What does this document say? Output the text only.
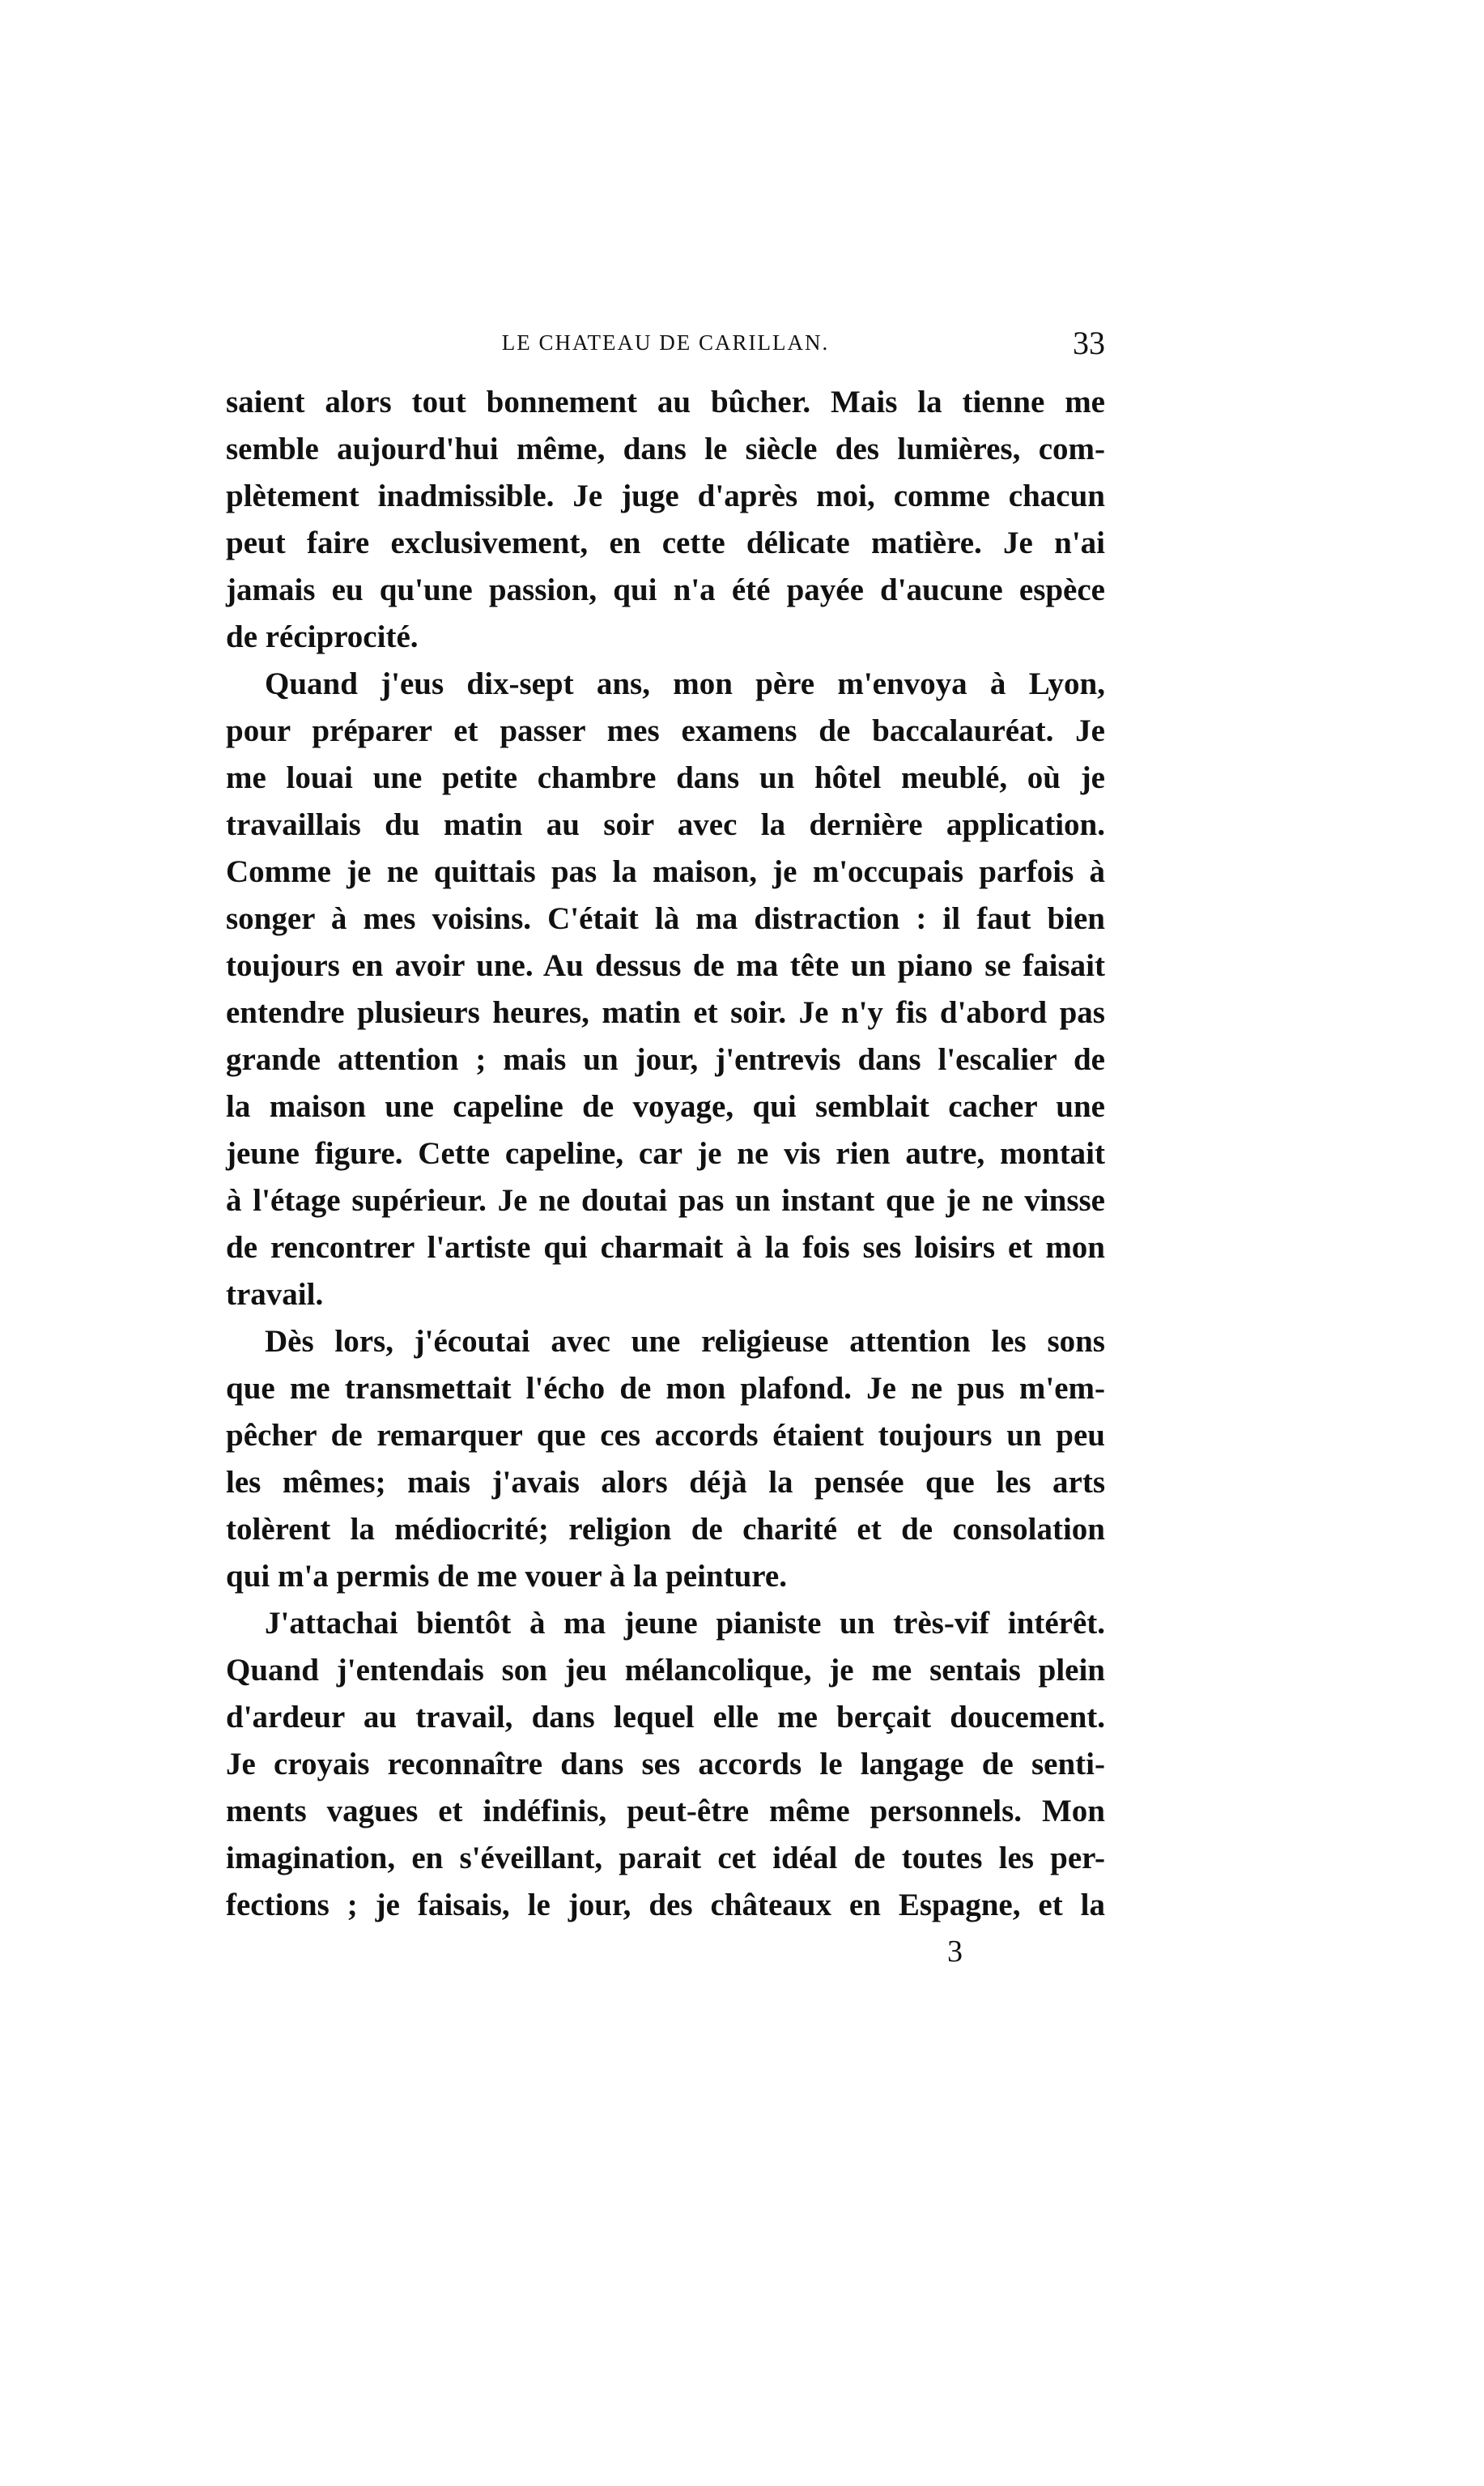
LE CHATEAU DE CARILLAN.	33
saient alors tout bonnement au bûcher. Mais la tienne me
semble aujourd'hui même, dans le siècle des lumières, com-
plètement inadmissible. Je juge d'après moi, comme chacun
peut faire exclusivement, en cette délicate matière. Je n'ai
jamais eu qu'une passion, qui n'a été payée d'aucune espèce
de réciprocité.
Quand j'eus dix-sept ans, mon père m'envoya à Lyon,
pour préparer et passer mes examens de baccalauréat. Je
me louai une petite chambre dans un hôtel meublé, où je
travaillais du matin au soir avec la dernière application.
Comme je ne quittais pas la maison, je m'occupais parfois à
songer à mes voisins. C'était là ma distraction : il faut bien
toujours en avoir une. Au dessus de ma tête un piano se faisait
entendre plusieurs heures, matin et soir. Je n'y fis d'abord pas
grande attention ; mais un jour, j'entrevis dans l'escalier de
la maison une capeline de voyage, qui semblait cacher une
jeune figure. Cette capeline, car je ne vis rien autre, montait
à l'étage supérieur. Je ne doutai pas un instant que je ne vinsse
de rencontrer l'artiste qui charmait à la fois ses loisirs et mon
travail.
Dès lors, j'écoutai avec une religieuse attention les sons
que me transmettait l'écho de mon plafond. Je ne pus m'em-
pêcher de remarquer que ces accords étaient toujours un peu
les mêmes; mais j'avais alors déjà la pensée que les arts
tolèrent la médiocrité; religion de charité et de consolation
qui m'a permis de me vouer à la peinture.
J'attachai bientôt à ma jeune pianiste un très-vif intérêt.
Quand j'entendais son jeu mélancolique, je me sentais plein
d'ardeur au travail, dans lequel elle me berçait doucement.
Je croyais reconnaître dans ses accords le langage de senti-
ments vagues et indéfinis, peut-être même personnels. Mon
imagination, en s'éveillant, parait cet idéal de toutes les per-
fections ; je faisais, le jour, des châteaux en Espagne, et la
3
